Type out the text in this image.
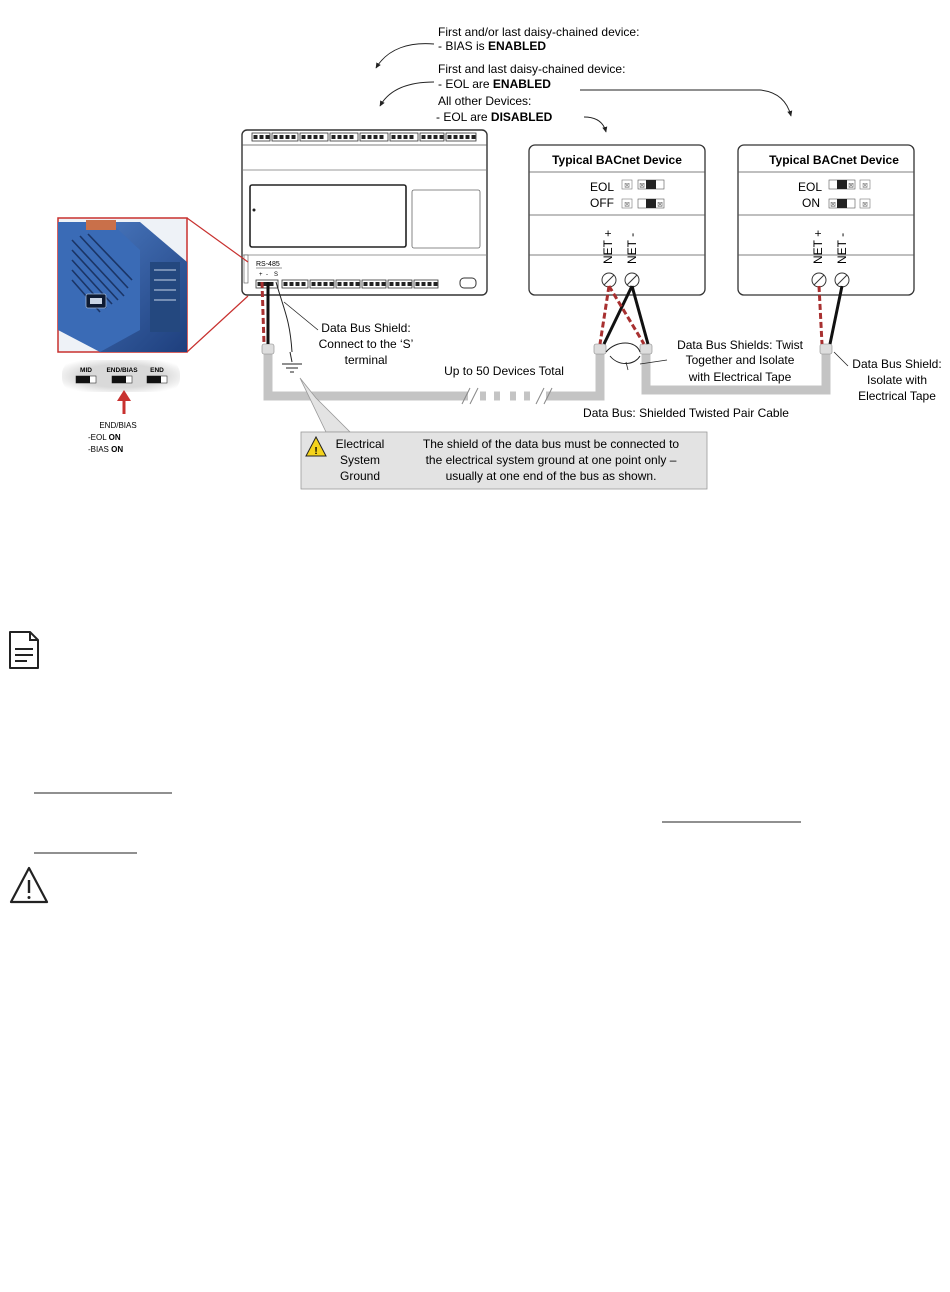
First and/or last daisy-chained device:
- BIAS is ENABLED
First and last daisy-chained device:
- EOL are ENABLED
All other Devices:
- EOL are DISABLED
RS-485
+ - S
MID END/BIAS END
END/BIAS
-EOL ON
-BIAS ON
Typical BACnet Device
EOL
OFF
⊠ ⊠
⊠	⊠
NET + NET -
Typical BACnet Device
EOL
ON
⊠ ⊠
⊠	⊠
NET + NET -
Data Bus Shield:
Connect to the ‘S’
terminal
Up to 50 Devices Total
Data Bus Shields: Twist
Together and Isolate
with Electrical Tape
Data Bus Shield:
Isolate with
Electrical Tape
Data Bus: Shielded Twisted Pair Cable
!
Electrical
System
Ground
The shield of the data bus must be connected to
the electrical system ground at one point only –
usually at one end of the bus as shown.
